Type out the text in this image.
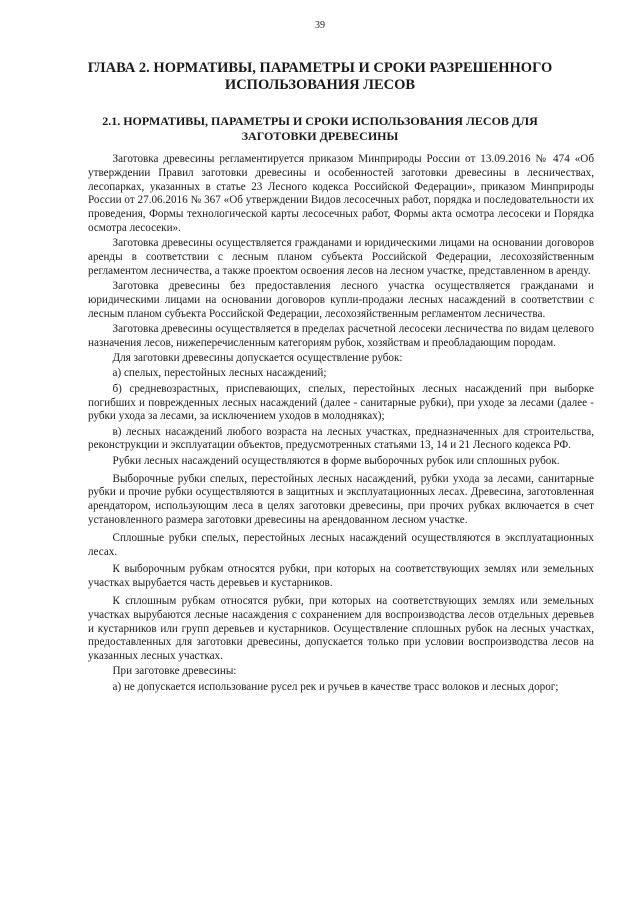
39
ГЛАВА 2. НОРМАТИВЫ, ПАРАМЕТРЫ И СРОКИ РАЗРЕШЕННОГО ИСПОЛЬЗОВАНИЯ ЛЕСОВ
2.1. НОРМАТИВЫ, ПАРАМЕТРЫ И СРОКИ ИСПОЛЬЗОВАНИЯ ЛЕСОВ ДЛЯ ЗАГОТОВКИ ДРЕВЕСИНЫ

Заготовка древесины регламентируется приказом Минприроды России от 13.09.2016 № 474 «Об утверждении Правил заготовки древесины и особенностей заготовки древесины в лесничествах, лесопарках, указанных в статье 23 Лесного кодекса Российской Федерации», приказом Минприроды России от 27.06.2016 № 367 «Об утверждении Видов лесосечных работ, порядка и последовательности их проведения, Формы технологической карты лесосечных работ, Формы акта осмотра лесосеки и Порядка осмотра лесосеки».

Заготовка древесины осуществляется гражданами и юридическими лицами на основании договоров аренды в соответствии с лесным планом субъекта Российской Федерации, лесохозяйственным регламентом лесничества, а также проектом освоения лесов на лесном участке, представленном в аренду.

Заготовка древесины без предоставления лесного участка осуществляется гражданами и юридическими лицами на основании договоров купли-продажи лесных насаждений в соответствии с лесным планом субъекта Российской Федерации, лесохозяйственным регламентом лесничества.

Заготовка древесины осуществляется в пределах расчетной лесосеки лесничества по видам целевого назначения лесов, нижеперечисленным категориям рубок, хозяйствам и преобладающим породам.

Для заготовки древесины допускается осуществление рубок:

а) спелых, перестойных лесных насаждений;

б) средневозрастных, приспевающих, спелых, перестойных лесных насаждений при выборке погибших и поврежденных лесных насаждений (далее - санитарные рубки), при уходе за лесами (далее - рубки ухода за лесами, за исключением уходов в молодняках);

в) лесных насаждений любого возраста на лесных участках, предназначенных для строительства, реконструкции и эксплуатации объектов, предусмотренных статьями 13, 14 и 21 Лесного кодекса РФ.

Рубки лесных насаждений осуществляются в форме выборочных рубок или сплошных рубок.

Выборочные рубки спелых, перестойных лесных насаждений, рубки ухода за лесами, санитарные рубки и прочие рубки осуществляются в защитных и эксплуатационных лесах. Древесина, заготовленная арендатором, использующим леса в целях заготовки древесины, при прочих рубках включается в счет установленного размера заготовки древесины на арендованном лесном участке.

Сплошные рубки спелых, перестойных лесных насаждений осуществляются в эксплуатационных лесах.

К выборочным рубкам относятся рубки, при которых на соответствующих землях или земельных участках вырубается часть деревьев и кустарников.

К сплошным рубкам относятся рубки, при которых на соответствующих землях или земельных участках вырубаются лесные насаждения с сохранением для воспроизводства лесов отдельных деревьев и кустарников или групп деревьев и кустарников. Осуществление сплошных рубок на лесных участках, предоставленных для заготовки древесины, допускается только при условии воспроизводства лесов на указанных лесных участках.

При заготовке древесины:

а) не допускается использование русел рек и ручьев в качестве трасс волоков и лесных дорог;
